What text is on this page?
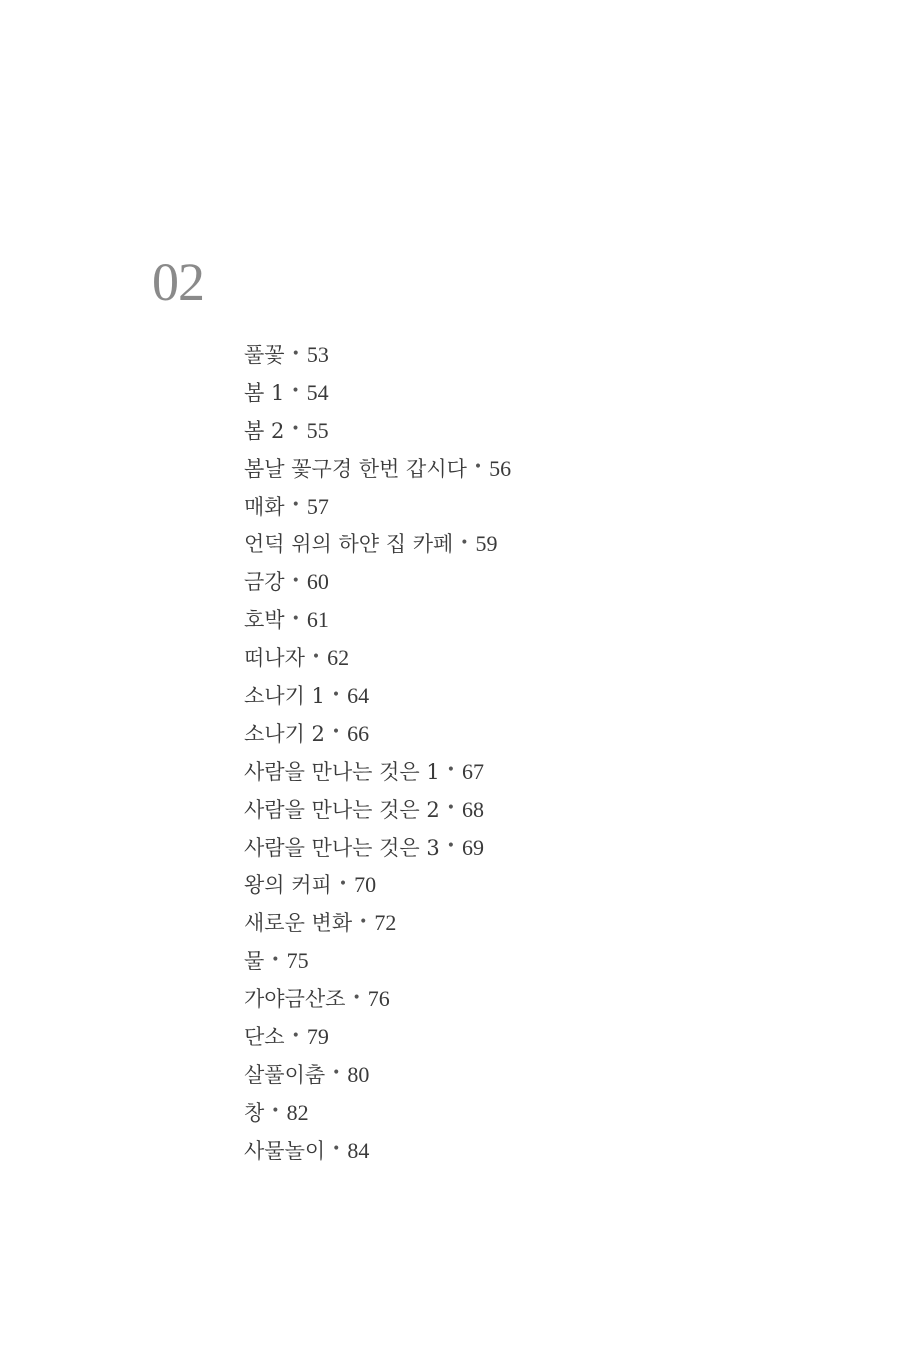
02
풀꽃 • 53
봄 1 • 54
봄 2 • 55
봄날 꽃구경 한번 갑시다 • 56
매화 • 57
언덕 위의 하얀 집 카페 • 59
금강 • 60
호박 • 61
떠나자 • 62
소나기 1 • 64
소나기 2 • 66
사람을 만나는 것은 1 • 67
사람을 만나는 것은 2 • 68
사람을 만나는 것은 3 • 69
왕의 커피 • 70
새로운 변화 • 72
물 • 75
가야금산조 • 76
단소 • 79
살풀이춤 • 80
창 • 82
사물놀이 • 84
